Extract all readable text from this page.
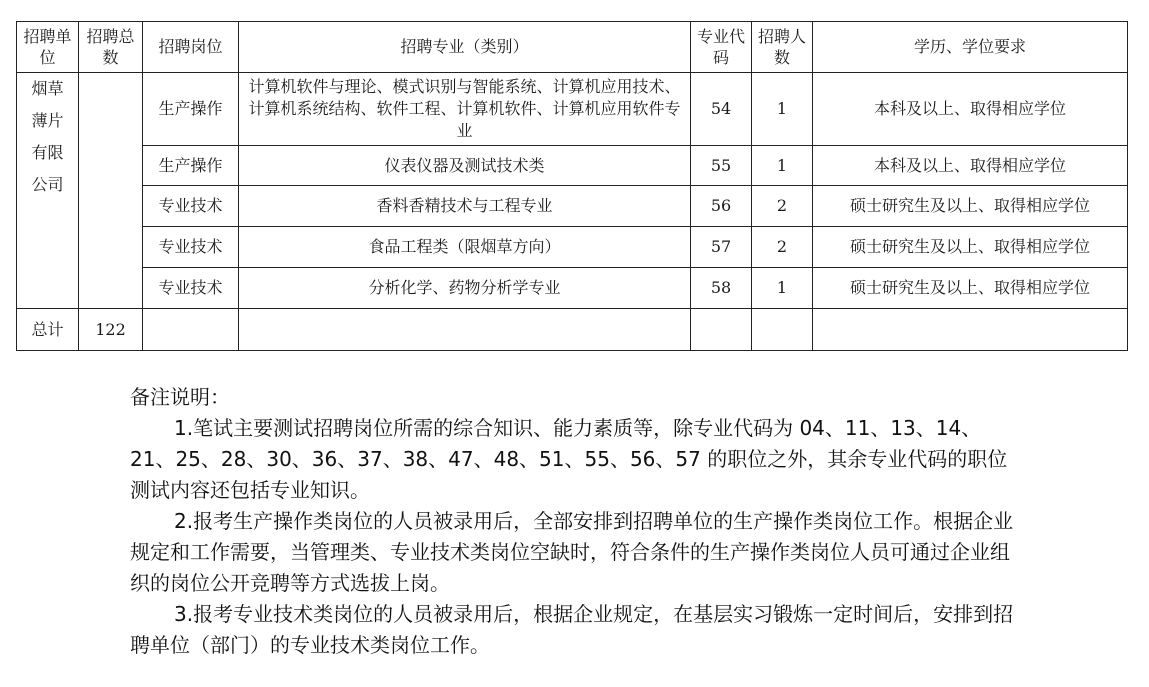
招聘单位	招聘总数	招聘岗位	招聘专业（类别）	专业代码	招聘人数	学历、学位要求

烟草
薄片
有限
公司		生产操作	计算机软件与理论、模式识别与智能系统、计算机应用技术、计算机系统结构、软件工程、计算机软件、计算机应用软件专业	54	1	本科及以上、取得相应学位
		生产操作	仪表仪器及测试技术类	55	1	本科及以上、取得相应学位
		专业技术	香料香精技术与工程专业	56	2	硕士研究生及以上、取得相应学位
		专业技术	食品工程类（限烟草方向）	57	2	硕士研究生及以上、取得相应学位
		专业技术	分析化学、药物分析学专业	58	1	硕士研究生及以上、取得相应学位
总计	122					

备注说明：

1.笔试主要测试招聘岗位所需的综合知识、能力素质等，除专业代码为 04、11、13、14、21、25、28、30、36、37、38、47、48、51、55、56、57 的职位之外，其余专业代码的职位测试内容还包括专业知识。

2.报考生产操作类岗位的人员被录用后，全部安排到招聘单位的生产操作类岗位工作。根据企业规定和工作需要，当管理类、专业技术类岗位空缺时，符合条件的生产操作类岗位人员可通过企业组织的岗位公开竞聘等方式选拔上岗。

3.报考专业技术类岗位的人员被录用后，根据企业规定，在基层实习锻炼一定时间后，安排到招聘单位（部门）的专业技术类岗位工作。
